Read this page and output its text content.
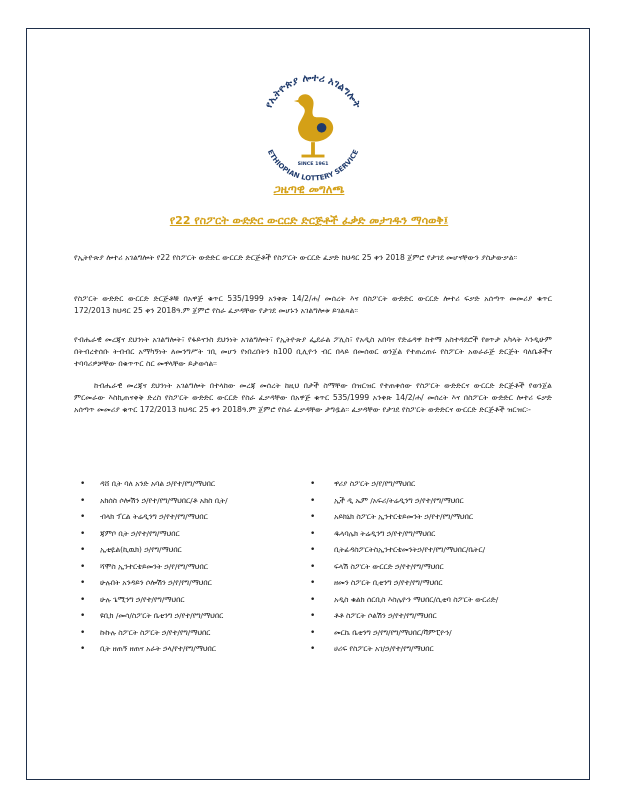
የኢትዮጵያ ሎተሪ አገልግሎት
ETHIOPIAN LOTTERY SERVICE
SINCE 1961
ጋዜጣዊ መግለጫ
የ22 የስፖርት ውድድር ውርርድ ድርጅቶች ፈቃድ መታገዱን ማሳወቅ፤

የኢትዮጵያ ሎተሪ አገልግሎት የ22 የስፖርት ውድድር ውርርድ ድርጅቶች የስፖርት ውርርድ ፈቃድ ከህዳር 25 ቀን 2018 ጀምሮ የታገደ መሆናቸውን ያስታውቃል፡፡

የስፖርት ውድድር ውርርድ ድርጅቶቹ በአዋጅ ቁጥር 535/1999 አንቀጽ 14/2/ሐ/ መሰረት እና በስፖርት ውድድር ውርርድ ሎተሪ ፍቃድ አሰጣጥ መመሪያ ቁጥር 172/2013 ከህዳር 25 ቀን 2018ዓ.ም ጀምሮ የስራ ፈቃዳቸው የታገደ መሆኑን አገልግሎቱ ይገልጻል፡፡

የብሔራዊ መረጃና ደህንነት አገልግሎት፣ የፋይናንስ ደህንነት አገልግሎት፣ የኢትዮጵያ ፌደራል ፖሊስ፣ የአዲስ አበባና የድሬዳዋ ከተማ አስተዳደሮች የፀጥታ አካላት እንዲሁም በትብረተሰቡ ትብብር አማካኝነት ለመንግሥት ገቢ መሆን የነበረበትን ከ100 ቢሊዮን ብር በላይ በመሰወር ወንጀል የተጠረጠሩ የስፖርት አወራራጅ ድርጅት ባለቤቶችና ተባባሪዎቻቸው በቁጥጥር ስር መዋላቸው ይታወሳል፡፡

ከብሔራዊ መረጃና ደህንነት አገልግሎት በተላከው መረጃ መሰረት ከዚህ በታች ስማቸው በዝርዝር የተጠቀሰው የስፖርት ውድድርና ውርርድ ድርጅቶች የወንጀል ምርመራው እስኪጠናቀቅ ድረስ የስፖርት ውድድር ውርርድ የስራ ፈቃዳቸው በአዋጅ ቁጥር 535/1999 አንቀጽ 14/2/ሐ/ መሰረት እና በስፖርት ውድድር ሎተሪ ፍቃድ አሰጣጥ መመሪያ ቁጥር 172/2013 ከህዳር 25 ቀን 2018ዓ.ም ጀምሮ የስራ ፈቃዳቸው ታግዷል፡፡ ፈቃዳቸው የታገደ የስፖርት ውድድርና ውርርድ ድርጅቶች ዝርዝር፡-

• ዳሸ ቢት ባለ አንድ አባል ኃ/የተ/የግ/ማህበር
• አክሰስ ሶሎሽን ኃ/የተ/የግ/ማህበር/ቶ አክስ ቢት/
• ብላክ ፕርል ትሬዲንግ ኃ/የተ/የግ/ማህበር
• ጃምቦ ቢት ኃ/የተ/የግ/ማህበር
• ኢቲዬል(ኪዉክ) ኃ/የግ/ማህበር
• ሻሞስ ኢንተርቴይመንት ኃ/የ/የግ/ማህበር
• ሁሉበት አንዳይን ሶሎሽን ኃ/የ/የግ/ማህበር
• ሁሉ ጌሚንግ ኃ/የተ/የግ/ማህበር
• ዩቢክ /መሳ/ስፖርት ቤቲንግ ኃ/የተ/የግ/ማህበር
• ኩኩሉ ስፖርት ስፖርት ኃ/የተ/የግ/ማህበር
• ቢት ዘጠኝ ዘጠና አራት ኃላ/የተ/የግ/ማህበር
• ዋሪያ ስፖርት ኃ/የ/የግ/ማህበር
• ኢች ዲ ኤም /አፍሪ/ትሬዲንግ ኃ/የተ/የግ/ማህበር
• አይክኒክ ስፖርት ኢንተርቴይመንት ኃ/የተ/የግ/ማህበር
• ዱላባሌክ ትሬዲንግ ኃ/የተ/የግ/ማህበር
• ቢትፊዳስፖርትስኢንተርቴመንትኃ/የተ/የግ/ማህበር/ቤትር/
• ፍላሽ ስፖርት ውርርድ ኃ/የተ/የግ/ማህበር
• ዘመን ስፖርት ቢቲንግ ኃ/የተ/የግ/ማህበር
• አዲስ ቁልክ ሰርቢስ እስሌዮን ማህበር/ሲቲባ ስፖርት ውርሪድ/
• ቶቶ ስፖርት ሶልሽን ኃ/የተ/የግ/ማህበር
• መርኬ ቤቲንግ ኃ/የግ/የግ/ማህበር/ቫምፒዮን/
• ሀሪፍ የስፖርት አገ/ኃ/የተ/የግ/ማህበር
